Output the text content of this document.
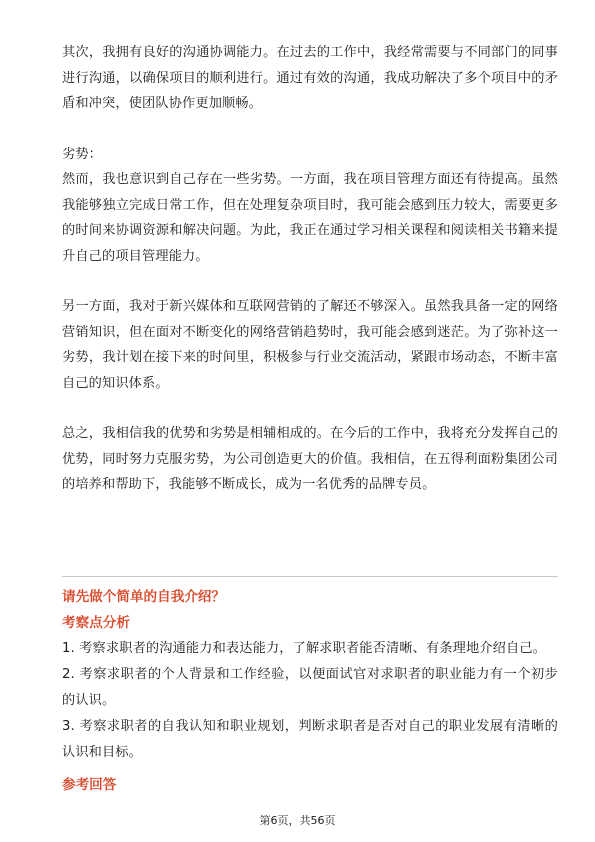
其次，我拥有良好的沟通协调能力。在过去的工作中，我经常需要与不同部门的同事进行沟通，以确保项目的顺利进行。通过有效的沟通，我成功解决了多个项目中的矛盾和冲突，使团队协作更加顺畅。

劣势：

然而，我也意识到自己存在一些劣势。一方面，我在项目管理方面还有待提高。虽然我能够独立完成日常工作，但在处理复杂项目时，我可能会感到压力较大，需要更多的时间来协调资源和解决问题。为此，我正在通过学习相关课程和阅读相关书籍来提升自己的项目管理能力。

另一方面，我对于新兴媒体和互联网营销的了解还不够深入。虽然我具备一定的网络营销知识，但在面对不断变化的网络营销趋势时，我可能会感到迷茫。为了弥补这一劣势，我计划在接下来的时间里，积极参与行业交流活动，紧跟市场动态，不断丰富自己的知识体系。

总之，我相信我的优势和劣势是相辅相成的。在今后的工作中，我将充分发挥自己的优势，同时努力克服劣势，为公司创造更大的价值。我相信，在五得利面粉集团公司的培养和帮助下，我能够不断成长，成为一名优秀的品牌专员。

请先做个简单的自我介绍？

考察点分析

1. 考察求职者的沟通能力和表达能力，了解求职者能否清晰、有条理地介绍自己。

2. 考察求职者的个人背景和工作经验，以便面试官对求职者的职业能力有一个初步的认识。

3. 考察求职者的自我认知和职业规划，判断求职者是否对自己的职业发展有清晰的认识和目标。

参考回答

第6页，共56页
